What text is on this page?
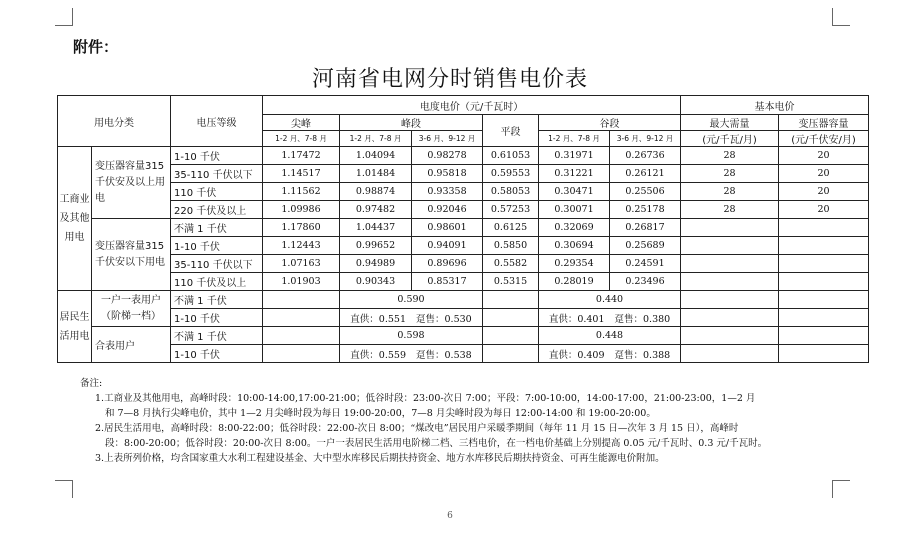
附件：
河南省电网分时销售电价表
用电分类		电压等级	电度电价（元/千瓦时）						基本电价	
			尖峰	峰段		平段	谷段		最大需量	变压器容量
			1-2 月、7-8 月	1-2 月、7-8 月	3-6 月、9-12 月		1-2 月、7-8 月	3-6 月、9-12 月	(元/千瓦/月)	(元/千伏安/月)
工商业及其他用电	变压器容量315 千伏安及以上用电	1-10 千伏	1.17472	1.04094	0.98278	0.61053	0.31971	0.26736	28	20
		35-110 千伏以下	1.14517	1.01484	0.95818	0.59553	0.31221	0.26121	28	20
		110 千伏	1.11562	0.98874	0.93358	0.58053	0.30471	0.25506	28	20
		220 千伏及以上	1.09986	0.97482	0.92046	0.57253	0.30071	0.25178	28	20
	变压器容量315 千伏安以下用电	不满 1 千伏	1.17860	1.04437	0.98601	0.6125	0.32069	0.26817		
		1-10 千伏	1.12443	0.99652	0.94091	0.5850	0.30694	0.25689		
		35-110 千伏以下	1.07163	0.94989	0.89696	0.5582	0.29354	0.24591		
		110 千伏及以上	1.01903	0.90343	0.85317	0.5315	0.28019	0.23496		
居民生活用电	一户一表用户（阶梯一档）	不满 1 千伏		0.590			0.440			
		1-10 千伏		直供：0.551 趸售：0.530			直供：0.401 趸售：0.380			
	合表用户	不满 1 千伏		0.598			0.448			
		1-10 千伏		直供：0.559 趸售：0.538			直供：0.409 趸售：0.388			
备注:
1.工商业及其他用电，高峰时段：10:00-14:00,17:00-21:00；低谷时段：23:00-次日 7:00；平段：7:00-10:00，14:00-17:00，21:00-23:00，1—2 月
和 7—8 月执行尖峰电价，其中 1—2 月尖峰时段为每日 19:00-20:00，7—8 月尖峰时段为每日 12:00-14:00 和 19:00-20:00。
2.居民生活用电，高峰时段：8:00-22:00；低谷时段：22:00-次日 8:00；“煤改电”居民用户采暖季期间（每年 11 月 15 日—次年 3 月 15 日），高峰时
段：8:00-20:00；低谷时段：20:00-次日 8:00。一户一表居民生活用电阶梯二档、三档电价，在一档电价基础上分别提高 0.05 元/千瓦时、0.3 元/千瓦时。
3.上表所列价格，均含国家重大水利工程建设基金、大中型水库移民后期扶持资金、地方水库移民后期扶持资金、可再生能源电价附加。
6
